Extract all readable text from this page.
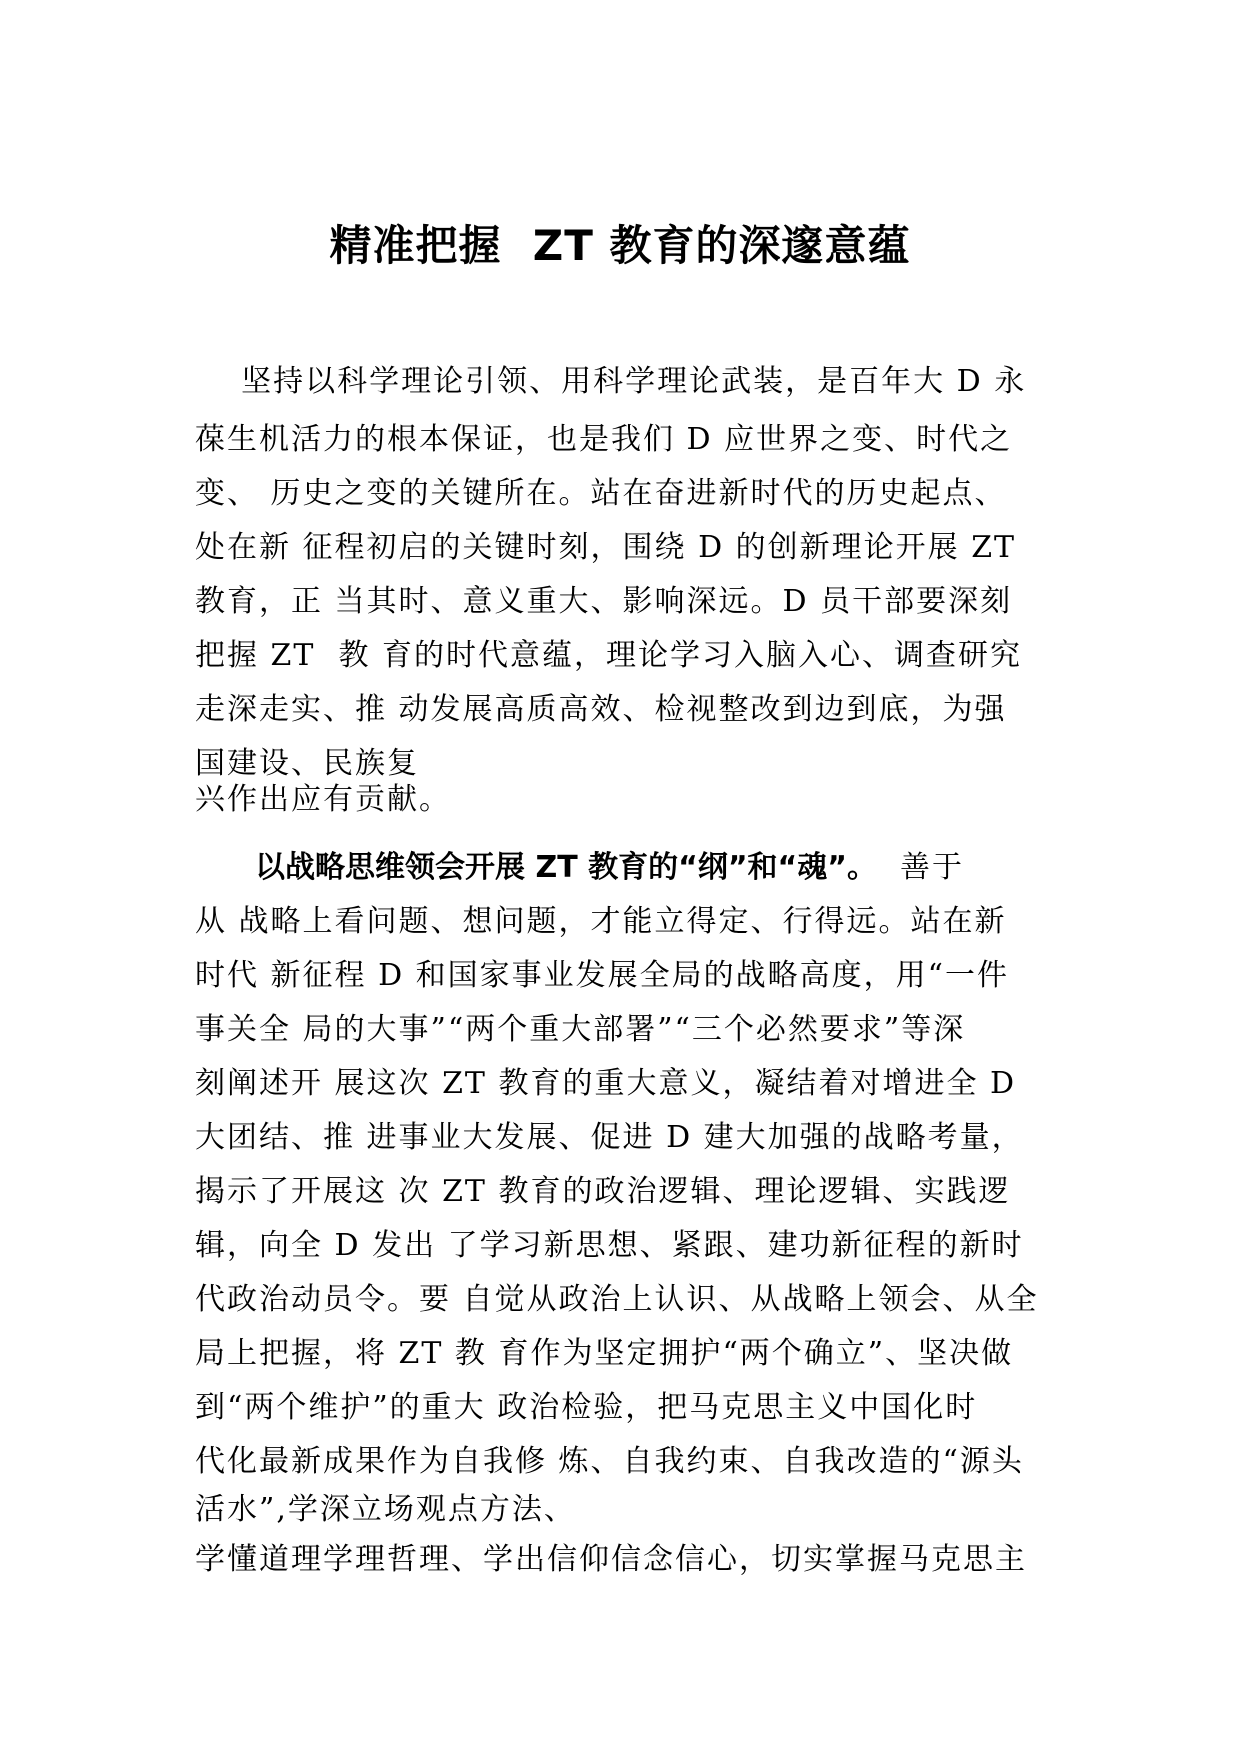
精准把握  ZT 教育的深邃意蕴
坚持以科学理论引领、用科学理论武装，是百年大 D 永
葆生机活力的根本保证，也是我们 D 应世界之变、时代之
变、 历史之变的关键所在。站在奋进新时代的历史起点、
处在新 征程初启的关键时刻，围绕 D 的创新理论开展 ZT
教育，正 当其时、意义重大、影响深远。D 员干部要深刻
把握 ZT  教 育的时代意蕴，理论学习入脑入心、调查研究
走深走实、推 动发展高质高效、检视整改到边到底，为强
国建设、民族复
兴作出应有贡献。
以战略思维领会开展 ZT 教育的“纲”和“魂”。  善于
从 战略上看问题、想问题，才能立得定、行得远。站在新
时代 新征程 D 和国家事业发展全局的战略高度，用“一件
事关全 局的大事”“两个重大部署”“三个必然要求”等深
刻阐述开 展这次 ZT 教育的重大意义，凝结着对增进全 D
大团结、推 进事业大发展、促进 D 建大加强的战略考量，
揭示了开展这 次 ZT 教育的政治逻辑、理论逻辑、实践逻
辑，向全 D 发出 了学习新思想、紧跟、建功新征程的新时
代政治动员令。要 自觉从政治上认识、从战略上领会、从全
局上把握，将 ZT 教 育作为坚定拥护“两个确立”、坚决做
到“两个维护”的重大 政治检验，把马克思主义中国化时
代化最新成果作为自我修 炼、自我约束、自我改造的“源头
活水”,学深立场观点方法、
学懂道理学理哲理、学出信仰信念信心，切实掌握马克思主
